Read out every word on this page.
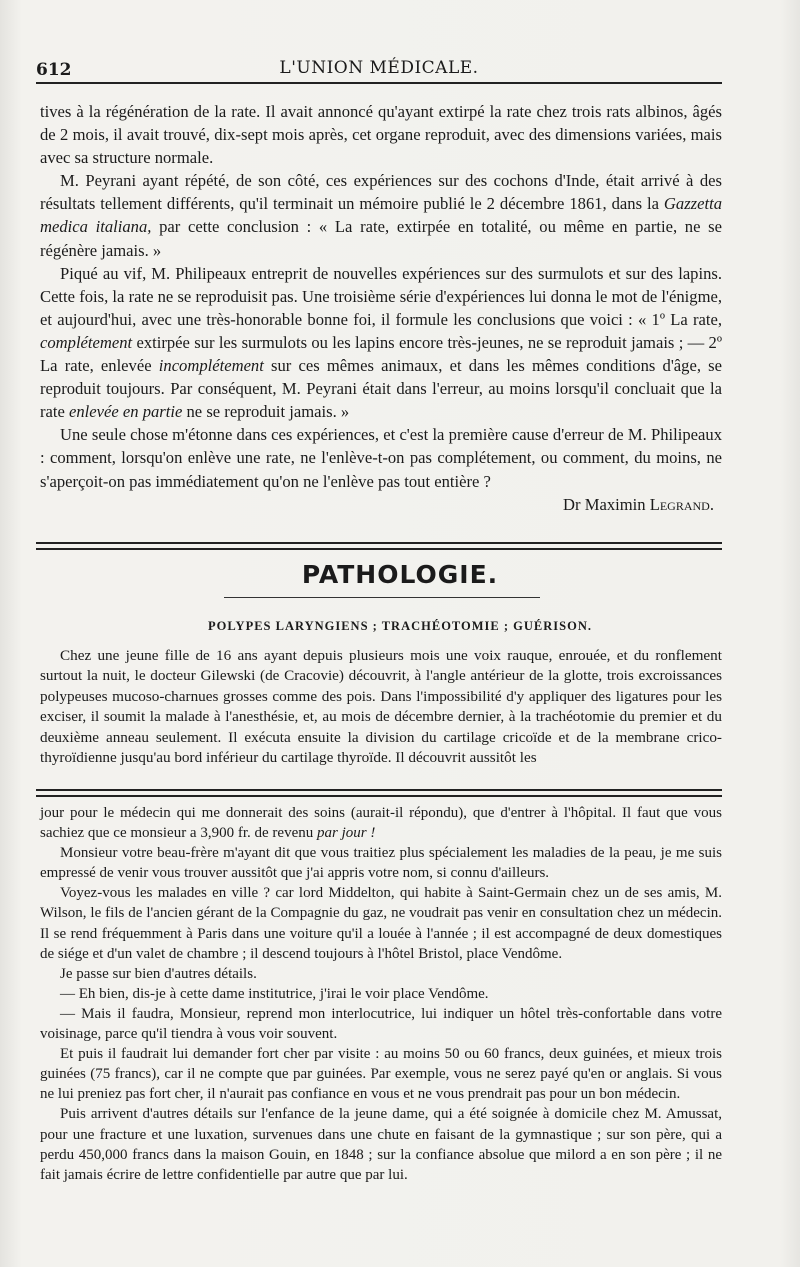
612	L'UNION MÉDICALE.

tives à la régénération de la rate. Il avait annoncé qu'ayant extirpé la rate chez trois rats albinos, âgés de 2 mois, il avait trouvé, dix-sept mois après, cet organe reproduit, avec des dimensions variées, mais avec sa structure normale.

M. Peyrani ayant répété, de son côté, ces expériences sur des cochons d'Inde, était arrivé à des résultats tellement différents, qu'il terminait un mémoire publié le 2 décembre 1861, dans la Gazzetta medica italiana, par cette conclusion : « La rate, extirpée en totalité, ou même en partie, ne se régénère jamais. »

Piqué au vif, M. Philipeaux entreprit de nouvelles expériences sur des surmulots et sur des lapins. Cette fois, la rate ne se reproduisit pas. Une troisième série d'expériences lui donna le mot de l'énigme, et aujourd'hui, avec une très-honorable bonne foi, il formule les conclusions que voici : « 1º La rate, complétement extirpée sur les surmulots ou les lapins encore très-jeunes, ne se reproduit jamais ; — 2º La rate, enlevée incomplétement sur ces mêmes animaux, et dans les mêmes conditions d'âge, se reproduit toujours. Par conséquent, M. Peyrani était dans l'erreur, au moins lorsqu'il concluait que la rate enlevée en partie ne se reproduit jamais. »

Une seule chose m'étonne dans ces expériences, et c'est la première cause d'erreur de M. Philipeaux : comment, lorsqu'on enlève une rate, ne l'enlève-t-on pas complétement, ou comment, du moins, ne s'aperçoit-on pas immédiatement qu'on ne l'enlève pas tout entière ?

Dr Maximin Legrand.

PATHOLOGIE.
POLYPES LARYNGIENS ; TRACHÉOTOMIE ; GUÉRISON.

Chez une jeune fille de 16 ans ayant depuis plusieurs mois une voix rauque, enrouée, et du ronflement surtout la nuit, le docteur Gilewski (de Cracovie) découvrit, à l'angle antérieur de la glotte, trois excroissances polypeuses mucoso-charnues grosses comme des pois. Dans l'impossibilité d'y appliquer des ligatures pour les exciser, il soumit la malade à l'anesthésie, et, au mois de décembre dernier, à la trachéotomie du premier et du deuxième anneau seulement. Il exécuta ensuite la division du cartilage cricoïde et de la membrane crico-thyroïdienne jusqu'au bord inférieur du cartilage thyroïde. Il découvrit aussitôt les

jour pour le médecin qui me donnerait des soins (aurait-il répondu), que d'entrer à l'hôpital. Il faut que vous sachiez que ce monsieur a 3,900 fr. de revenu par jour !

Monsieur votre beau-frère m'ayant dit que vous traitiez plus spécialement les maladies de la peau, je me suis empressé de venir vous trouver aussitôt que j'ai appris votre nom, si connu d'ailleurs.

Voyez-vous les malades en ville ? car lord Middelton, qui habite à Saint-Germain chez un de ses amis, M. Wilson, le fils de l'ancien gérant de la Compagnie du gaz, ne voudrait pas venir en consultation chez un médecin. Il se rend fréquemment à Paris dans une voiture qu'il a louée à l'année ; il est accompagné de deux domestiques de siége et d'un valet de chambre ; il descend toujours à l'hôtel Bristol, place Vendôme.

Je passe sur bien d'autres détails.

— Eh bien, dis-je à cette dame institutrice, j'irai le voir place Vendôme.

— Mais il faudra, Monsieur, reprend mon interlocutrice, lui indiquer un hôtel très-confortable dans votre voisinage, parce qu'il tiendra à vous voir souvent.

Et puis il faudrait lui demander fort cher par visite : au moins 50 ou 60 francs, deux guinées, et mieux trois guinées (75 francs), car il ne compte que par guinées. Par exemple, vous ne serez payé qu'en or anglais. Si vous ne lui preniez pas fort cher, il n'aurait pas confiance en vous et ne vous prendrait pas pour un bon médecin.

Puis arrivent d'autres détails sur l'enfance de la jeune dame, qui a été soignée à domicile chez M. Amussat, pour une fracture et une luxation, survenues dans une chute en faisant de la gymnastique ; sur son père, qui a perdu 450,000 francs dans la maison Gouin, en 1848 ; sur la confiance absolue que milord a en son père ; il ne fait jamais écrire de lettre confidentielle par autre que par lui.
